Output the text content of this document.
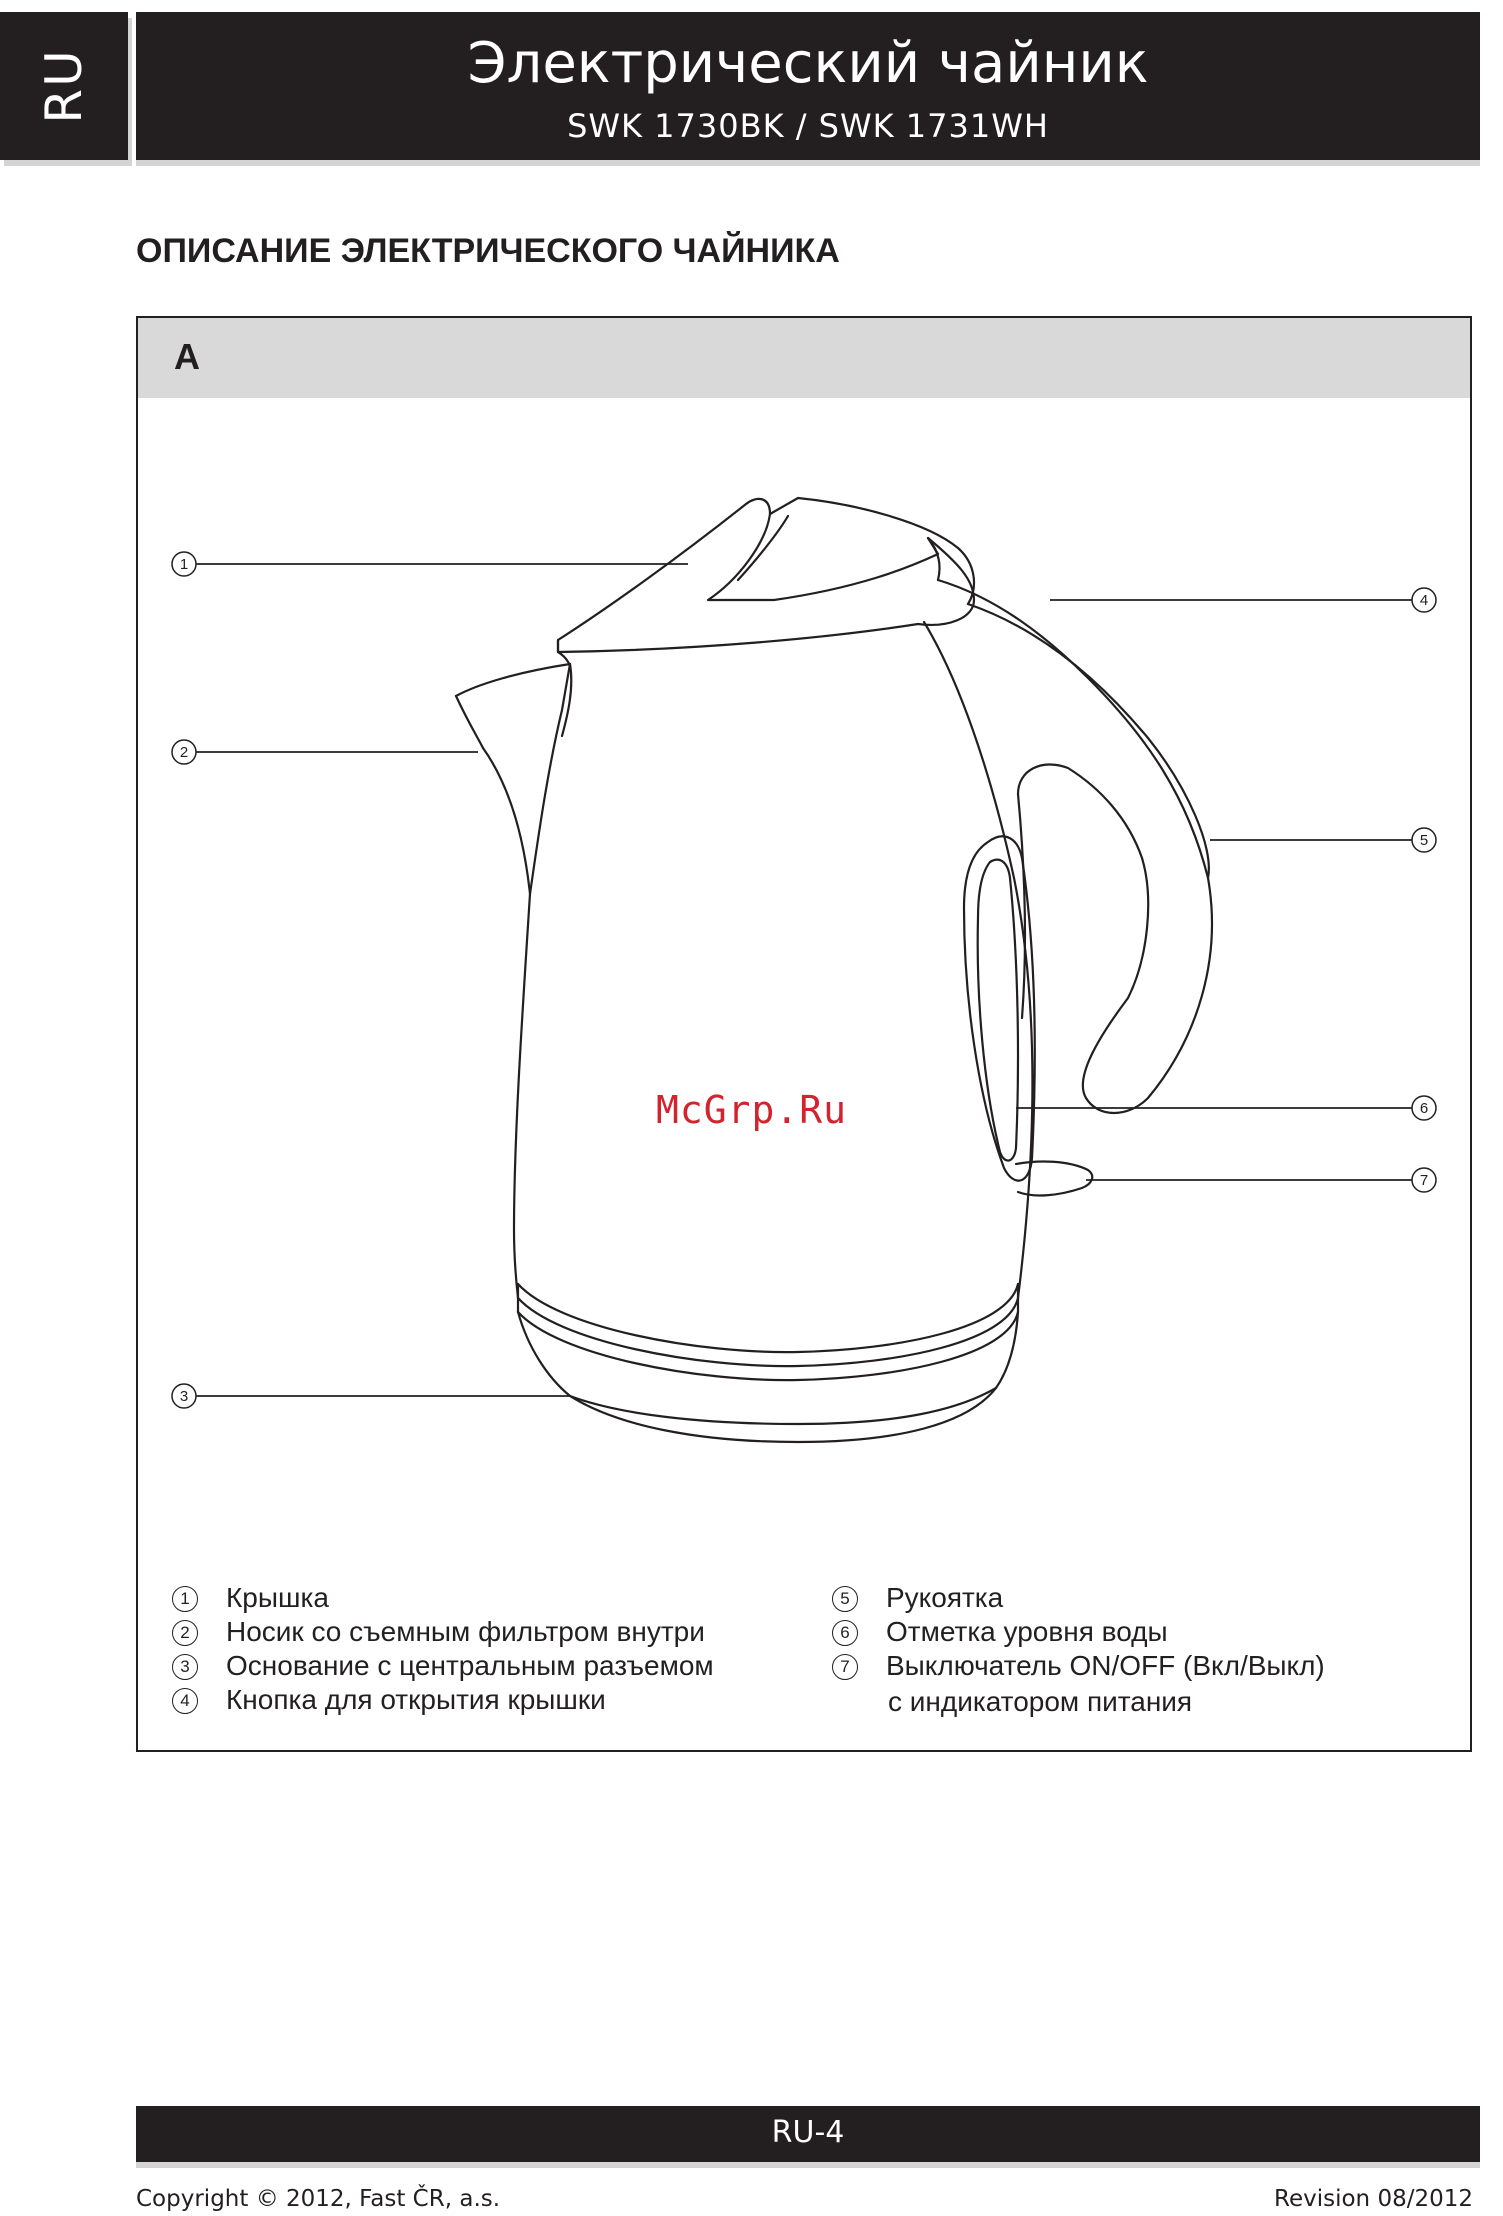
RU	Электрический чайник
SWK 1730BK / SWK 1731WH
ОПИСАНИЕ ЭЛЕКТРИЧЕСКОГО ЧАЙНИКА
A
1
2
3
4
5
6
7
McGrp.Ru
1 Крышка
2 Носик со съемным фильтром внутри
3 Основание с центральным разъемом
4 Кнопка для открытия крышки
5 Рукоятка
6 Отметка уровня воды
7 Выключатель ON/OFF (Вкл/Выкл)
с индикатором питания
RU-4
Copyright © 2012, Fast ČR, a.s.	Revision 08/2012
